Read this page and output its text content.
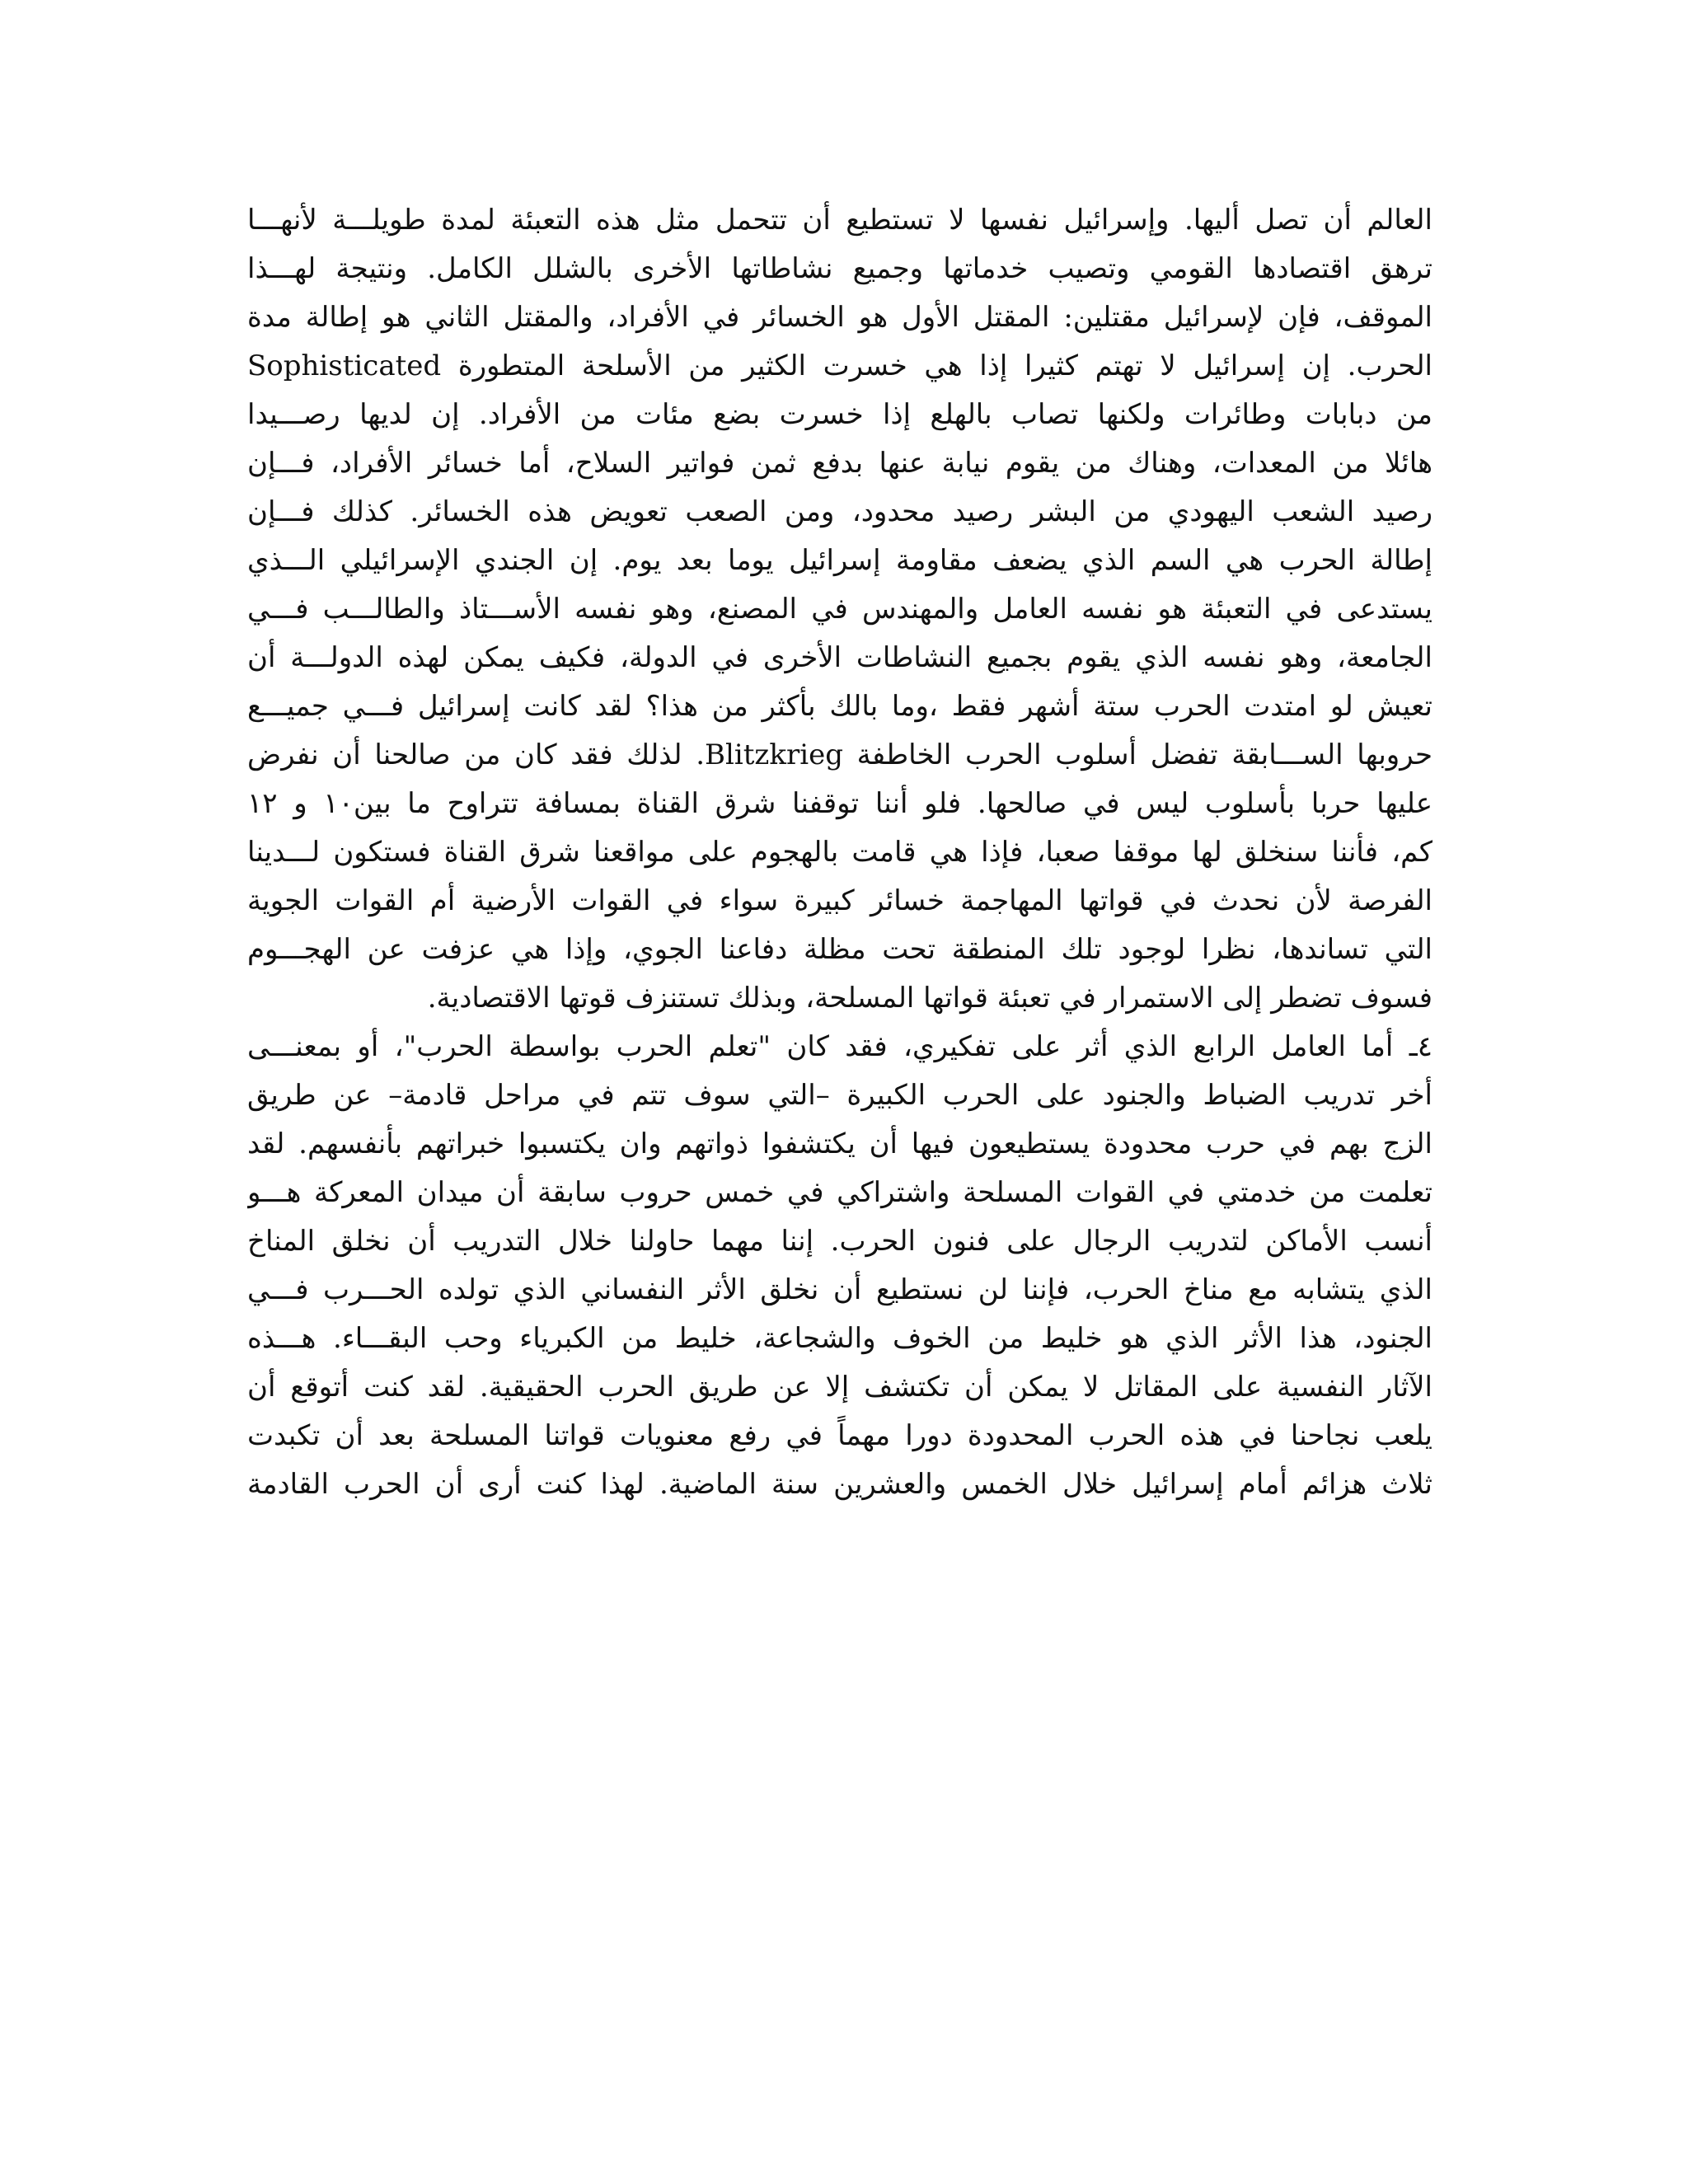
العالم أن تصل أليها. وإسرائيل نفسها لا تستطيع أن تتحمل مثل هذه التعبئة لمدة طويلـــة لأنهـــا
ترهق اقتصادها القومي وتصيب خدماتها وجميع نشاطاتها الأخرى بالشلل الكامل. ونتيجة لهـــذا
الموقف، فإن لإسرائيل مقتلين: المقتل الأول هو الخسائر في الأفراد، والمقتل الثاني هو إطالة مدة
الحرب. إن إسرائيل لا تهتم كثيرا إذا هي خسرت الكثير من الأسلحة المتطورة Sophisticated
من دبابات وطائرات ولكنها تصاب بالهلع إذا خسرت بضع مئات من الأفراد. إن لديها رصـــيدا
هائلا من المعدات، وهناك من يقوم نيابة عنها بدفع ثمن فواتير السلاح، أما خسائر الأفراد، فـــإن
رصيد الشعب اليهودي من البشر رصيد محدود، ومن الصعب تعويض هذه الخسائر. كذلك فـــإن
إطالة الحرب هي السم الذي يضعف مقاومة إسرائيل يوما بعد يوم. إن الجندي الإسرائيلي الـــذي
يستدعى في التعبئة هو نفسه العامل والمهندس في المصنع، وهو نفسه الأســـتاذ والطالـــب فـــي
الجامعة، وهو نفسه الذي يقوم بجميع النشاطات الأخرى في الدولة، فكيف يمكن لهذه الدولـــة أن
تعيش لو امتدت الحرب ستة أشهر فقط ،وما بالك بأكثر من هذا؟ لقد كانت إسرائيل فـــي جميـــع
حروبها الســـابقة تفضل أسلوب الحرب الخاطفة Blitzkrieg. لذلك فقد كان من صالحنا أن نفرض
عليها حربا بأسلوب ليس في صالحها. فلو أننا توقفنا شرق القناة بمسافة تتراوح ما بين١٠ و ١٢
كم، فأننا سنخلق لها موقفا صعبا، فإذا هي قامت بالهجوم على مواقعنا شرق القناة فستكون لـــدينا
الفرصة لأن نحدث في قواتها المهاجمة خسائر كبيرة سواء في القوات الأرضية أم القوات الجوية
التي تساندها، نظرا لوجود تلك المنطقة تحت مظلة دفاعنا الجوي، وإذا هي عزفت عن الهجـــوم
فسوف تضطر إلى الاستمرار في تعبئة قواتها المسلحة، وبذلك تستنزف قوتها الاقتصادية.
٤ـ أما العامل الرابع الذي أثر على تفكيري، فقد كان "تعلم الحرب بواسطة الحرب"، أو بمعنـــى
أخر تدريب الضباط والجنود على الحرب الكبيرة –التي سوف تتم في مراحل قادمة– عن طريق
الزج بهم في حرب محدودة يستطيعون فيها أن يكتشفوا ذواتهم وان يكتسبوا خبراتهم بأنفسهم. لقد
تعلمت من خدمتي في القوات المسلحة واشتراكي في خمس حروب سابقة أن ميدان المعركة هـــو
أنسب الأماكن لتدريب الرجال على فنون الحرب. إننا مهما حاولنا خلال التدريب أن نخلق المناخ
الذي يتشابه مع مناخ الحرب، فإننا لن نستطيع أن نخلق الأثر النفساني الذي تولده الحـــرب فـــي
الجنود، هذا الأثر الذي هو خليط من الخوف والشجاعة، خليط من الكبرياء وحب البقـــاء. هـــذه
الآثار النفسية على المقاتل لا يمكن أن تكتشف إلا عن طريق الحرب الحقيقية. لقد كنت أتوقع أن
يلعب نجاحنا في هذه الحرب المحدودة دورا مهماً في رفع معنويات قواتنا المسلحة بعد أن تكبدت
ثلاث هزائم أمام إسرائيل خلال الخمس والعشرين سنة الماضية. لهذا كنت أرى أن الحرب القادمة
